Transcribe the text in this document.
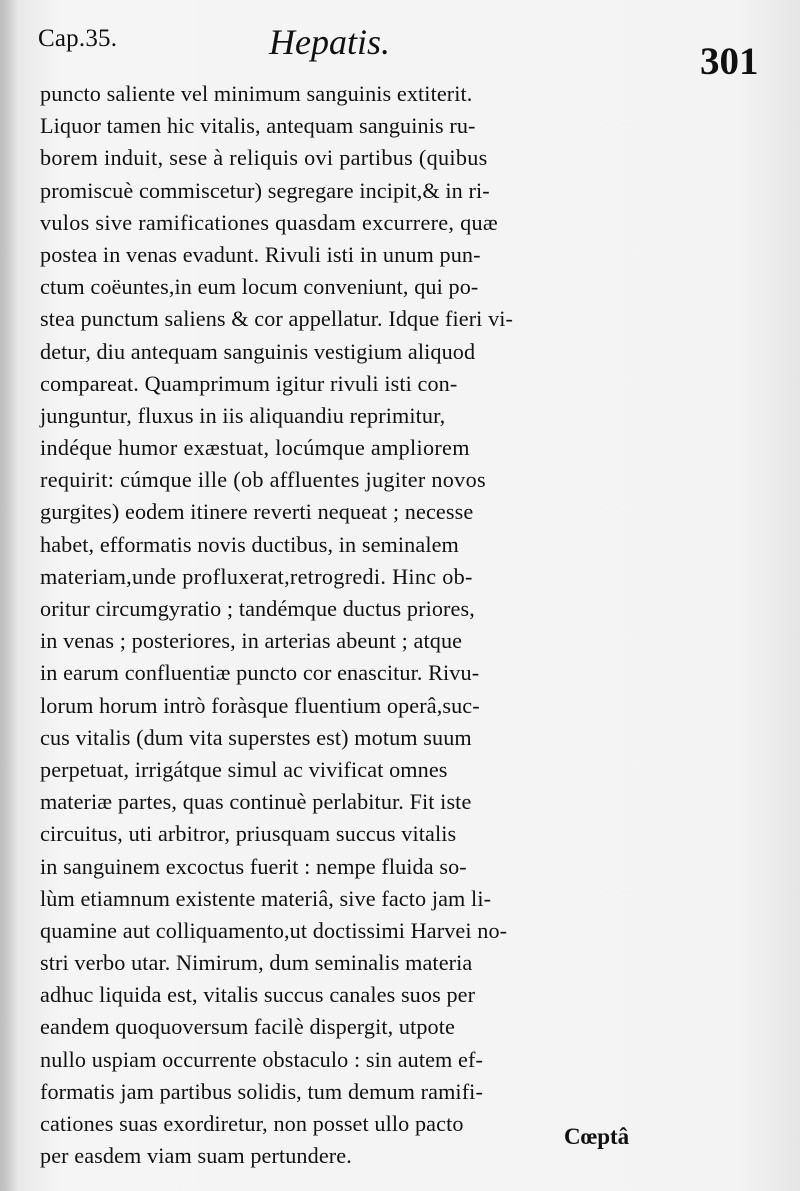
Cap.35.	Hepatis.	301
puncto saliente vel minimum sanguinis extiterit.
Liquor tamen hic vitalis, antequam sanguinis ru-
borem induit, sese à reliquis ovi partibus (quibus
promiscuè commiscetur) segregare incipit,& in ri-
vulos sive ramificationes quasdam excurrere, quæ
postea in venas evadunt. Rivuli isti in unum pun-
ctum coëuntes,in eum locum conveniunt, qui po-
stea punctum saliens & cor appellatur. Idque fieri vi-
detur, diu antequam sanguinis vestigium aliquod
compareat. Quamprimum igitur rivuli isti con-
junguntur, fluxus in iis aliquandiu reprimitur,
indéque humor exæstuat, locúmque ampliorem
requirit: cúmque ille (ob affluentes jugiter novos
gurgites) eodem itinere reverti nequeat ; necesse
habet, efformatis novis ductibus, in seminalem
materiam,unde profluxerat,retrogredi. Hinc ob-
oritur circumgyratio ; tandémque ductus priores,
in venas ; posteriores, in arterias abeunt ; atque
in earum confluentiæ puncto cor enascitur. Rivu-
lorum horum intrò foràsque fluentium operâ,suc-
cus vitalis (dum vita superstes est) motum suum
perpetuat, irrigátque simul ac vivificat omnes
materiæ partes, quas continuè perlabitur. Fit iste
circuitus, uti arbitror, priusquam succus vitalis
in sanguinem excoctus fuerit : nempe fluida so-
lùm etiamnum existente materiâ, sive facto jam li-
quamine aut colliquamento,ut doctissimi Harvei no-
stri verbo utar. Nimirum, dum seminalis materia
adhuc liquida est, vitalis succus canales suos per
eandem quoquoversum facilè dispergit, utpote
nullo uspiam occurrente obstaculo : sin autem ef-
formatis jam partibus solidis, tum demum ramifi-
cationes suas exordiretur, non posset ullo pacto
per easdem viam suam pertundere.
Cœptâ
